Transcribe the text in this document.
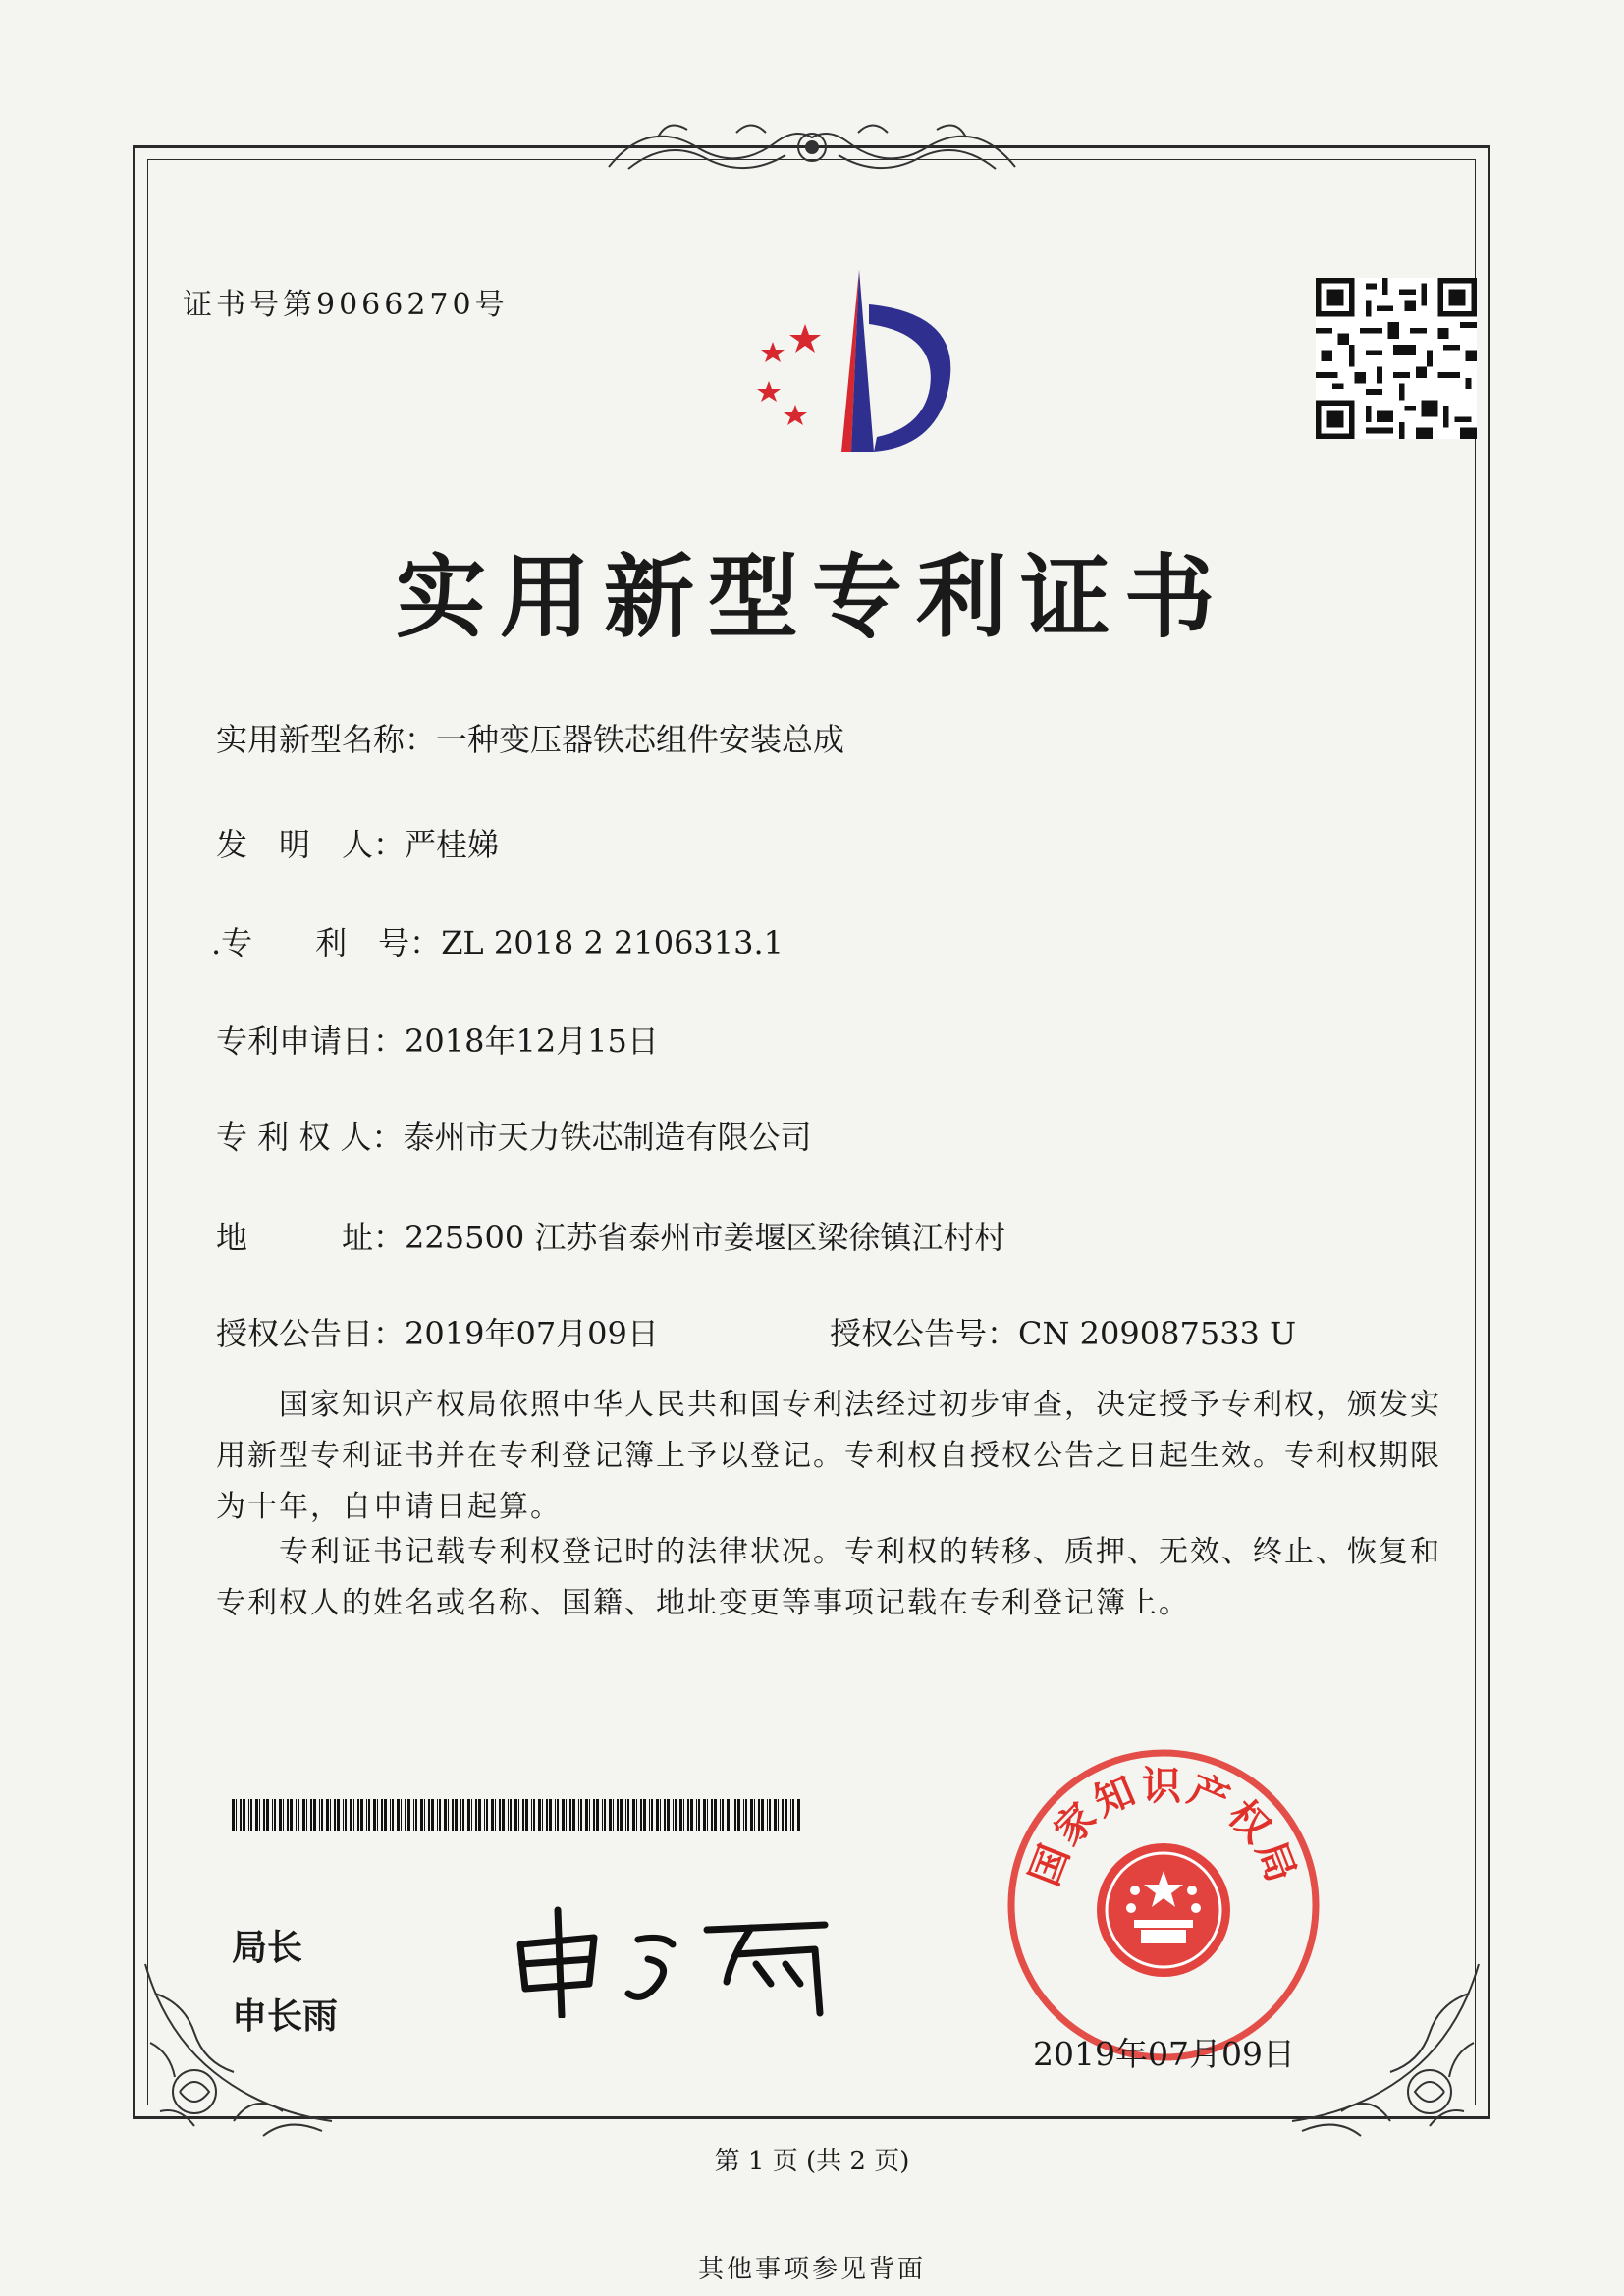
证书号第9066270号
实用新型专利证书
实用新型名称：一种变压器铁芯组件安装总成
发　明　人：严桂娣
.专　　利　号：ZL 2018 2 2106313.1
专利申请日：2018年12月15日
专 利 权 人：泰州市天力铁芯制造有限公司
地　　　址：225500 江苏省泰州市姜堰区梁徐镇江村村
授权公告日：2019年07月09日	授权公告号：CN 209087533 U
国家知识产权局依照中华人民共和国专利法经过初步审查，决定授予专利权，颁发实用新型专利证书并在专利登记簿上予以登记。专利权自授权公告之日起生效。专利权期限为十年，自申请日起算。
专利证书记载专利权登记时的法律状况。专利权的转移、质押、无效、终止、恢复和专利权人的姓名或名称、国籍、地址变更等事项记载在专利登记簿上。
局长
申长雨
国家知识产权局
2019年07月09日
第 1 页 (共 2 页)
其他事项参见背面
